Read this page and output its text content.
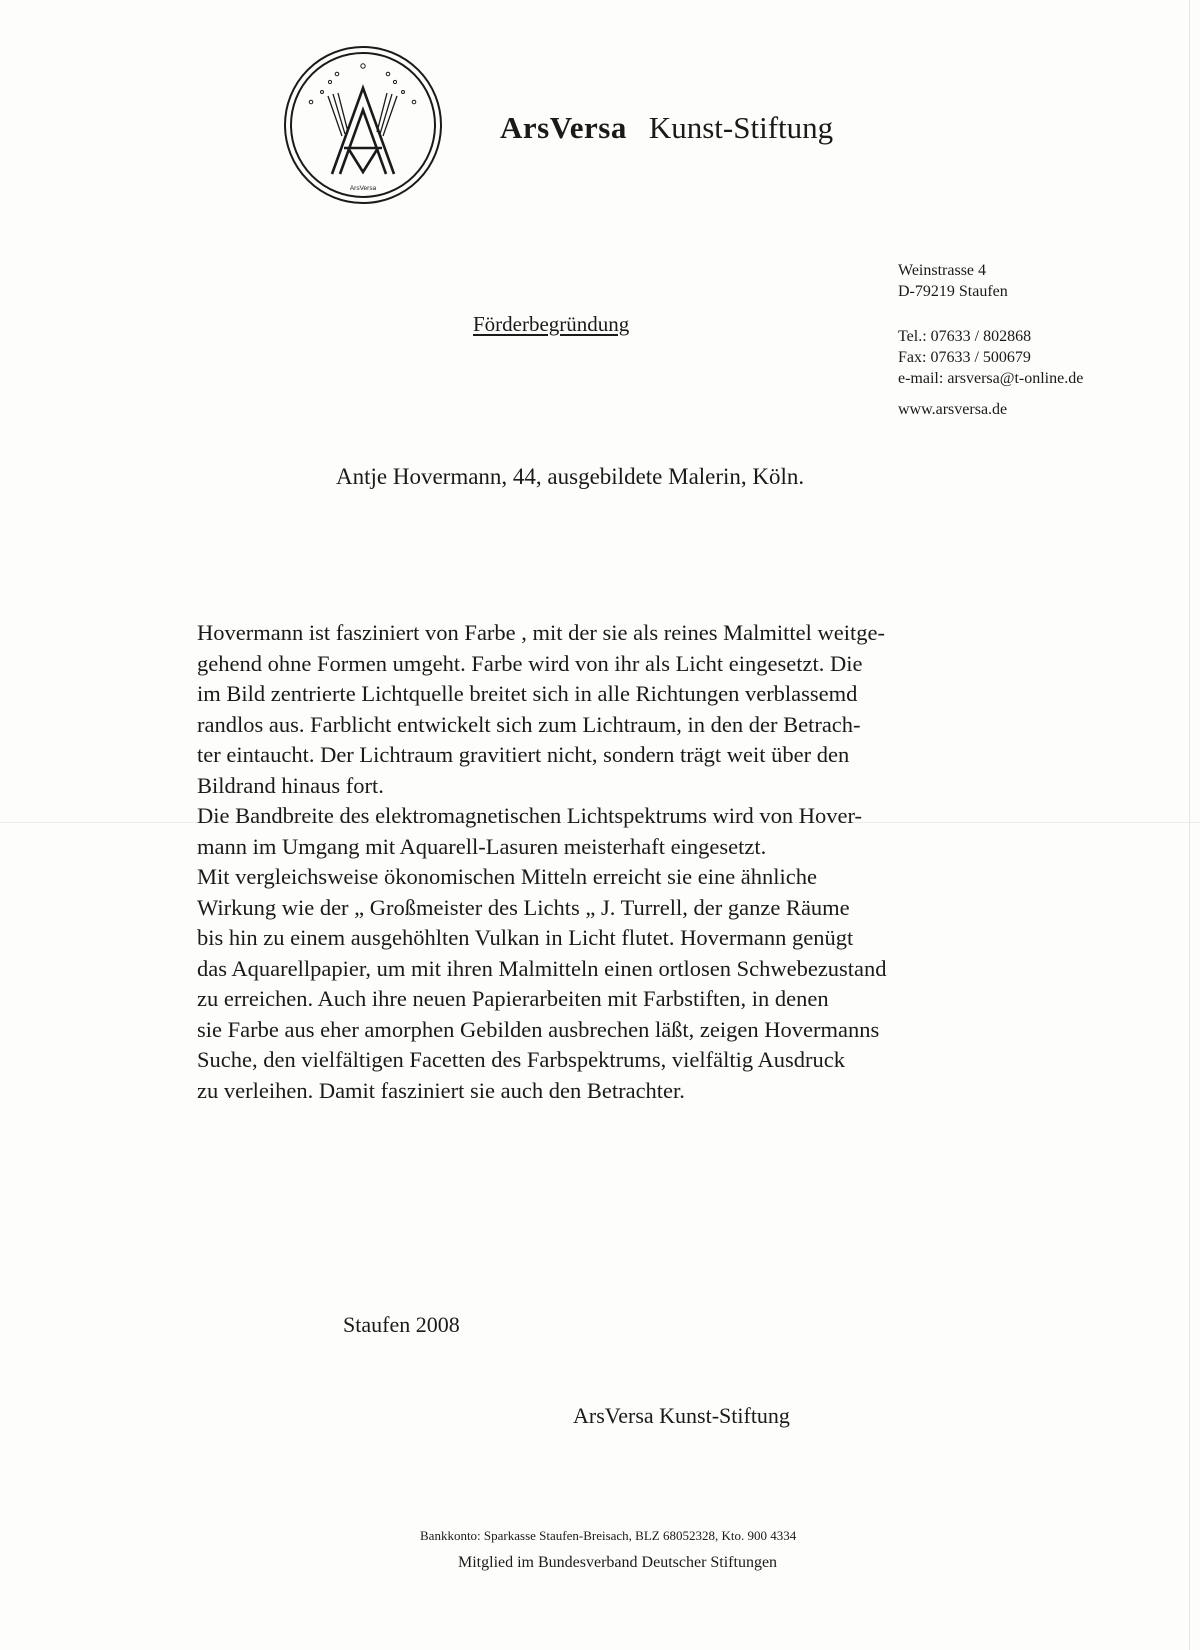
ArsVersa
ArsVersa Kunst-Stiftung
Weinstrasse 4
D-79219 Staufen
Tel.: 07633 / 802868
Fax: 07633 / 500679
e-mail: arsversa@t-online.de
www.arsversa.de
Förderbegründung
Antje Hovermann, 44, ausgebildete Malerin, Köln.
Hovermann ist fasziniert von Farbe , mit der sie als reines Malmittel weitge-
gehend ohne Formen umgeht. Farbe wird von ihr als Licht eingesetzt. Die
im Bild zentrierte Lichtquelle breitet sich in alle Richtungen verblassemd
randlos aus. Farblicht entwickelt sich zum Lichtraum, in den der Betrach-
ter eintaucht. Der Lichtraum gravitiert nicht, sondern trägt weit über den
Bildrand hinaus fort.
Die Bandbreite des elektromagnetischen Lichtspektrums wird von Hover-
mann im Umgang mit Aquarell-Lasuren meisterhaft eingesetzt.
Mit vergleichsweise ökonomischen Mitteln erreicht sie eine ähnliche
Wirkung wie der „ Großmeister des Lichts „ J. Turrell, der ganze Räume
bis hin zu einem ausgehöhlten Vulkan in Licht flutet. Hovermann genügt
das Aquarellpapier, um mit ihren Malmitteln einen ortlosen Schwebezustand
zu erreichen. Auch ihre neuen Papierarbeiten mit Farbstiften, in denen
sie Farbe aus eher amorphen Gebilden ausbrechen läßt, zeigen Hovermanns
Suche, den vielfältigen Facetten des Farbspektrums, vielfältig Ausdruck
zu verleihen. Damit fasziniert sie auch den Betrachter.
Staufen 2008
ArsVersa Kunst-Stiftung
Bankkonto: Sparkasse Staufen-Breisach, BLZ 68052328, Kto. 900 4334
Mitglied im Bundesverband Deutscher Stiftungen
